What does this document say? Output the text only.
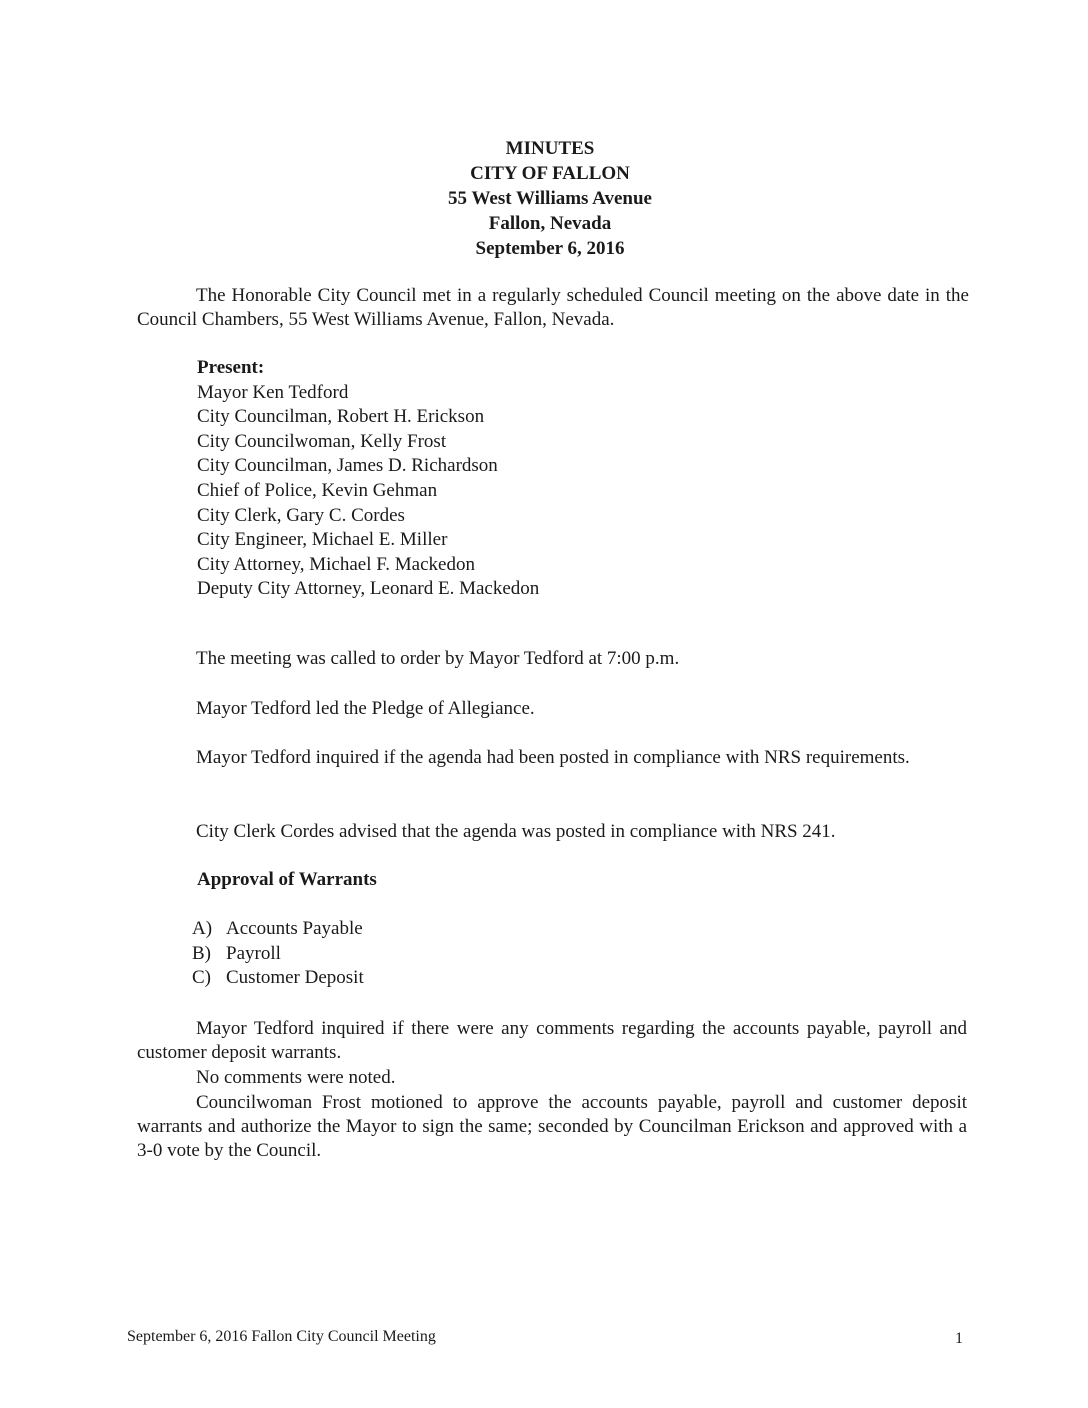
MINUTES
CITY OF FALLON
55 West Williams Avenue
Fallon, Nevada
September 6, 2016
The Honorable City Council met in a regularly scheduled Council meeting on the above date in the Council Chambers, 55 West Williams Avenue, Fallon, Nevada.
Present:
Mayor Ken Tedford
City Councilman, Robert H. Erickson
City Councilwoman, Kelly Frost
City Councilman, James D. Richardson
Chief of Police, Kevin Gehman
City Clerk, Gary C. Cordes
City Engineer, Michael E. Miller
City Attorney, Michael F. Mackedon
Deputy City Attorney, Leonard E. Mackedon
The meeting was called to order by Mayor Tedford at 7:00 p.m.
Mayor Tedford led the Pledge of Allegiance.
Mayor Tedford inquired if the agenda had been posted in compliance with NRS requirements.
City Clerk Cordes advised that the agenda was posted in compliance with NRS 241.
Approval of Warrants
A) Accounts Payable
B) Payroll
C) Customer Deposit
Mayor Tedford inquired if there were any comments regarding the accounts payable, payroll and customer deposit warrants.
No comments were noted.
Councilwoman Frost motioned to approve the accounts payable, payroll and customer deposit warrants and authorize the Mayor to sign the same; seconded by Councilman Erickson and approved with a 3-0 vote by the Council.
September 6, 2016 Fallon City Council Meeting	1
